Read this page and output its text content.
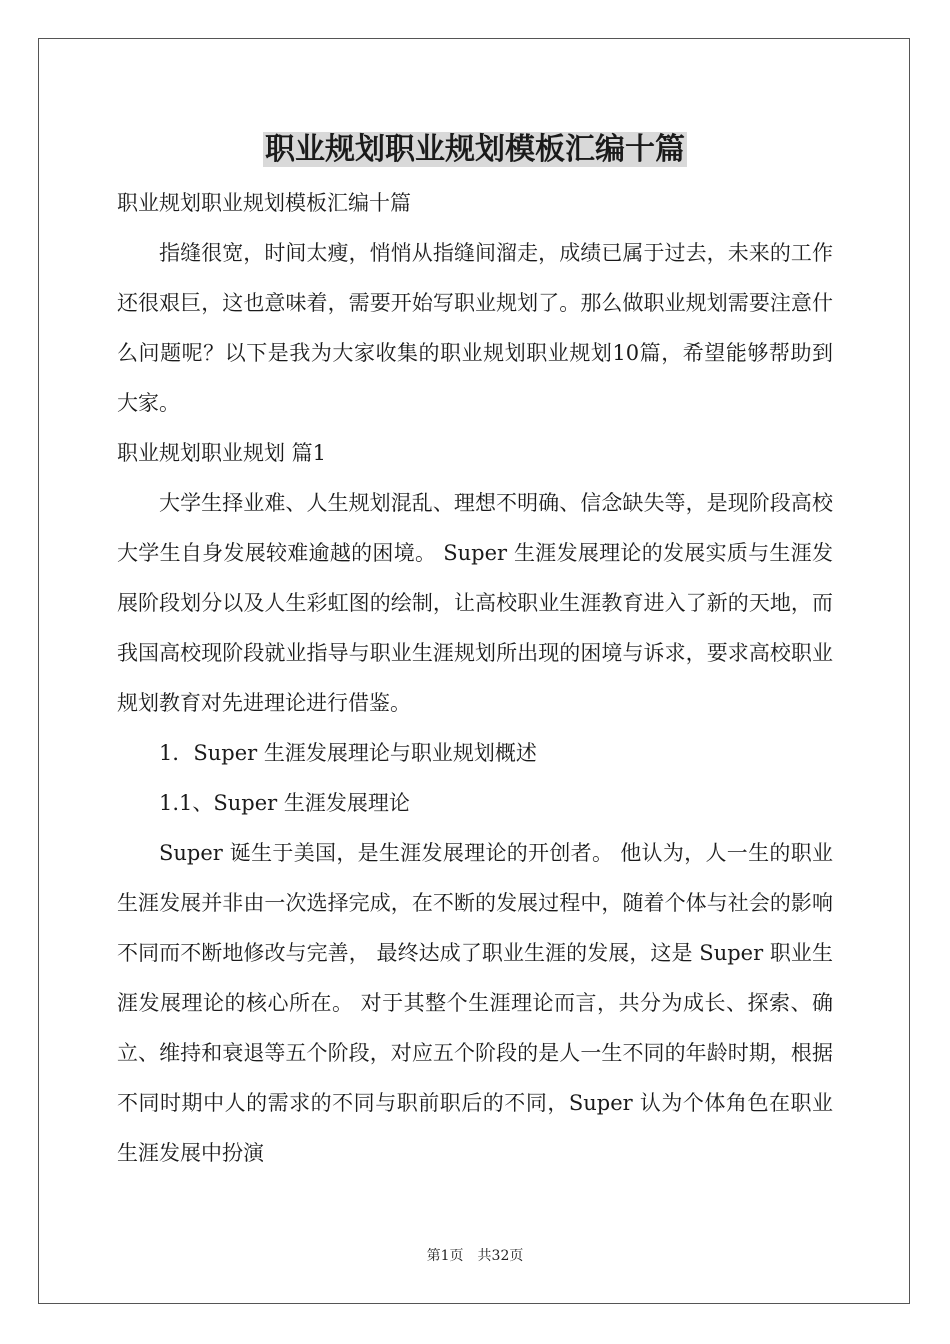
职业规划职业规划模板汇编十篇

职业规划职业规划模板汇编十篇

指缝很宽，时间太瘦，悄悄从指缝间溜走，成绩已属于过去，未来的工作还很艰巨，这也意味着，需要开始写职业规划了。那么做职业规划需要注意什么问题呢？以下是我为大家收集的职业规划职业规划10篇，希望能够帮助到大家。

职业规划职业规划 篇1

大学生择业难、人生规划混乱、理想不明确、信念缺失等，是现阶段高校大学生自身发展较难逾越的困境。 Super 生涯发展理论的发展实质与生涯发展阶段划分以及人生彩虹图的绘制，让高校职业生涯教育进入了新的天地，而我国高校现阶段就业指导与职业生涯规划所出现的困境与诉求，要求高校职业规划教育对先进理论进行借鉴。

1．Super 生涯发展理论与职业规划概述

1.1、Super 生涯发展理论

Super 诞生于美国，是生涯发展理论的开创者。 他认为，人一生的职业生涯发展并非由一次选择完成，在不断的发展过程中，随着个体与社会的影响不同而不断地修改与完善， 最终达成了职业生涯的发展，这是 Super 职业生涯发展理论的核心所在。 对于其整个生涯理论而言，共分为成长、探索、确立、维持和衰退等五个阶段，对应五个阶段的是人一生不同的年龄时期，根据不同时期中人的需求的不同与职前职后的不同，Super 认为个体角色在职业生涯发展中扮演

第1页　共32页
